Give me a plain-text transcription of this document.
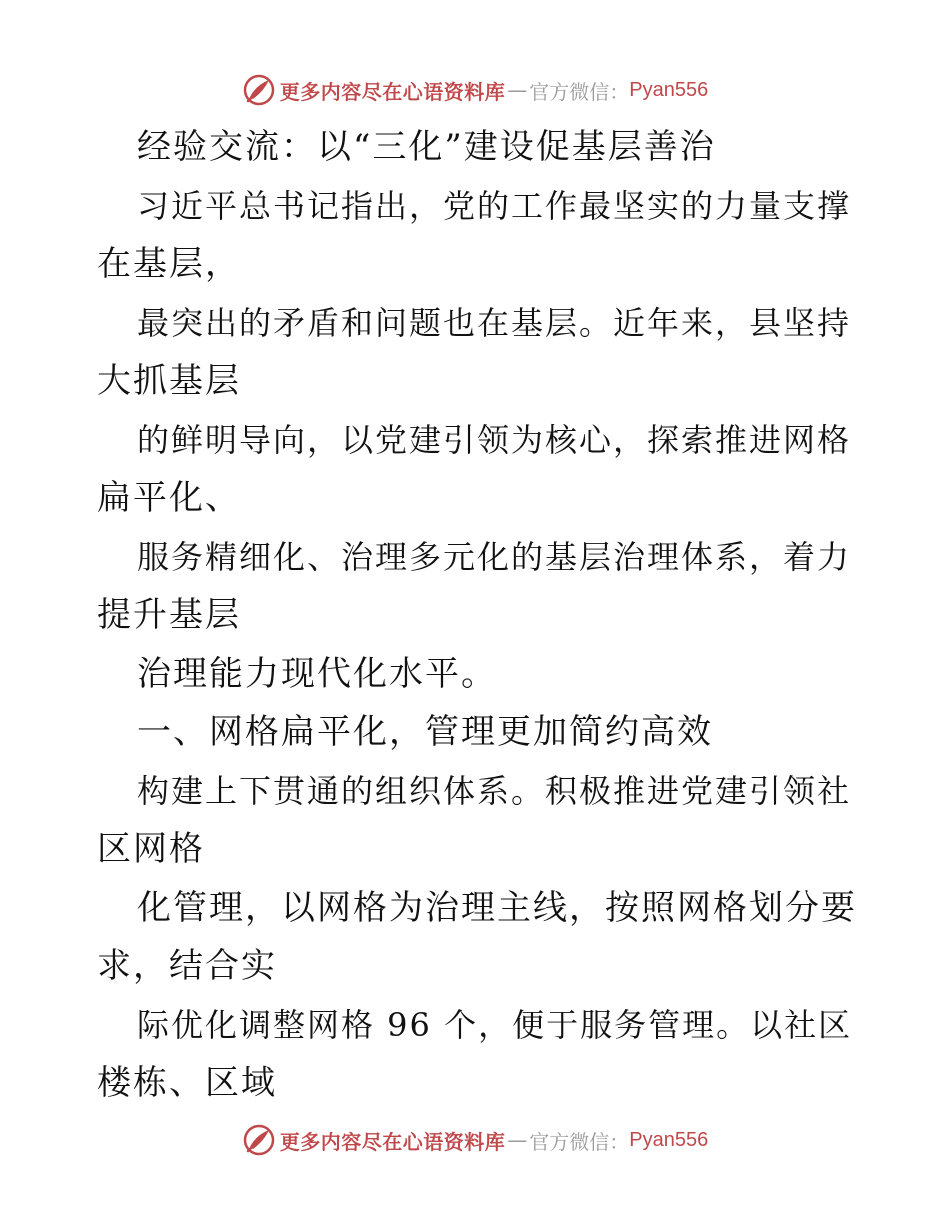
更多内容尽在心语资料库 — 官方微信： Pyan556
经验交流：以“三化”建设促基层善治
习近平总书记指出，党的工作最坚实的力量支撑
在基层，
最突出的矛盾和问题也在基层。近年来，县坚持
大抓基层
的鲜明导向，以党建引领为核心，探索推进网格
扁平化、
服务精细化、治理多元化的基层治理体系，着力
提升基层
治理能力现代化水平。
一、网格扁平化，管理更加简约高效
构建上下贯通的组织体系。积极推进党建引领社
区网格
化管理，以网格为治理主线，按照网格划分要
求，结合实
际优化调整网格 96 个，便于服务管理。以社区
楼栋、区域
更多内容尽在心语资料库 — 官方微信： Pyan556
